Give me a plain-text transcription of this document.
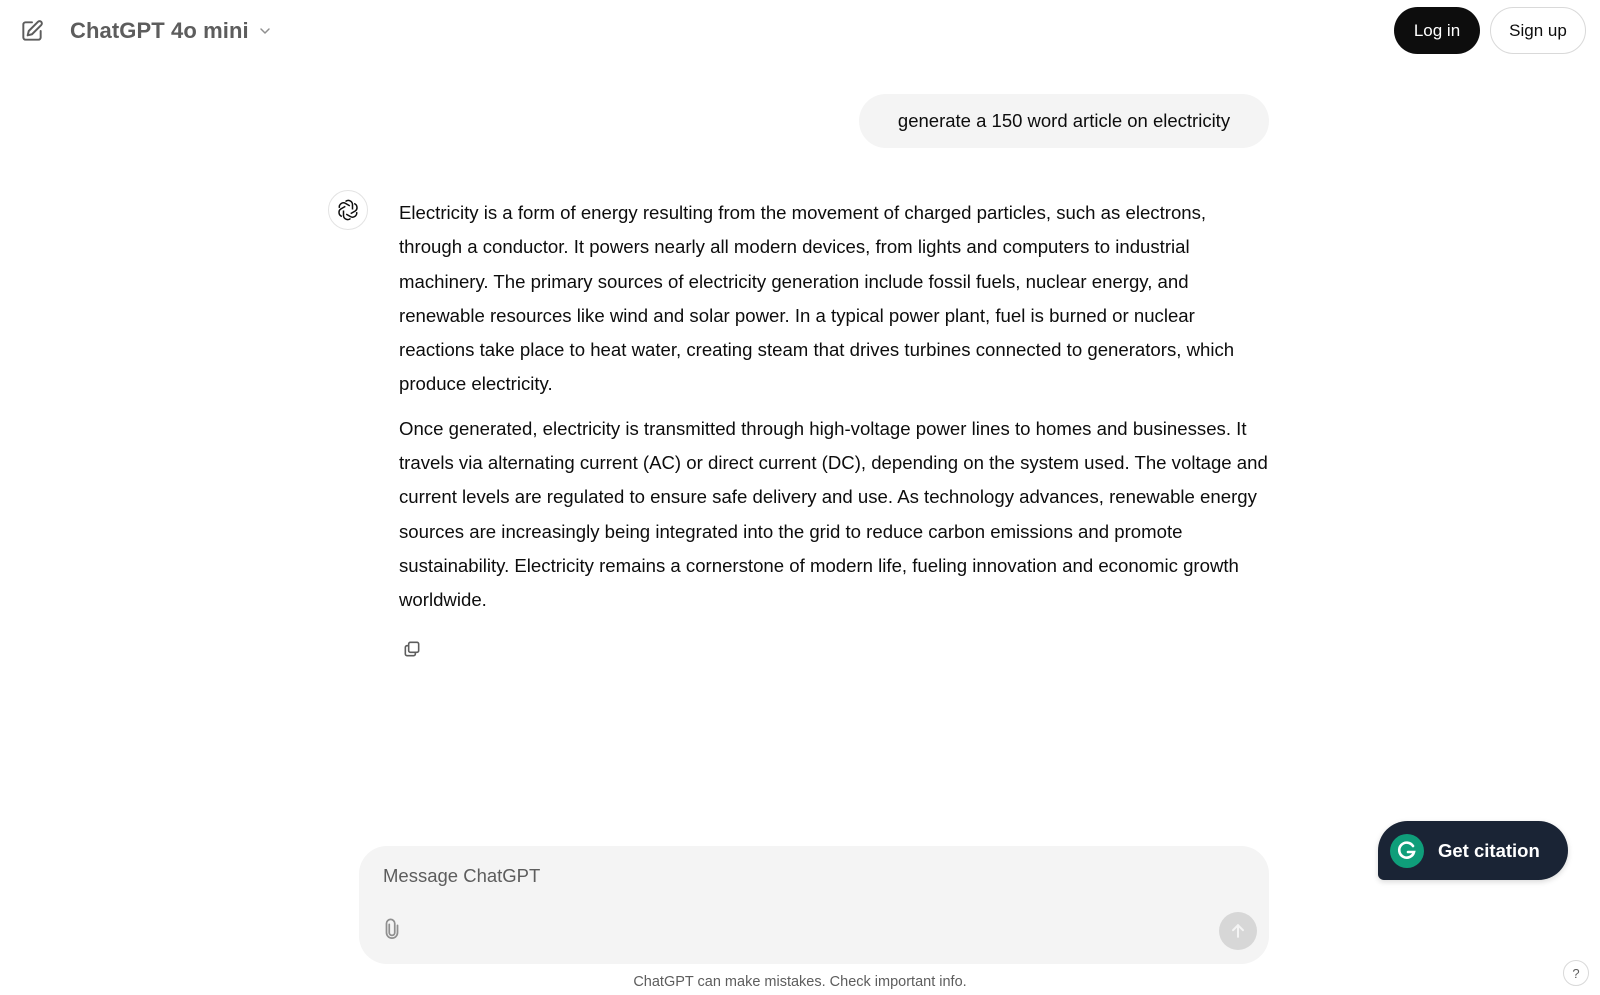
ChatGPT 4o mini	Log in	Sign up
generate a 150 word article on electricity

Electricity is a form of energy resulting from the movement of charged particles, such as electrons, through a conductor. It powers nearly all modern devices, from lights and computers to industrial machinery. The primary sources of electricity generation include fossil fuels, nuclear energy, and renewable resources like wind and solar power. In a typical power plant, fuel is burned or nuclear reactions take place to heat water, creating steam that drives turbines connected to generators, which produce electricity.

Once generated, electricity is transmitted through high-voltage power lines to homes and businesses. It travels via alternating current (AC) or direct current (DC), depending on the system used. The voltage and current levels are regulated to ensure safe delivery and use. As technology advances, renewable energy sources are increasingly being integrated into the grid to reduce carbon emissions and promote sustainability. Electricity remains a cornerstone of modern life, fueling innovation and economic growth worldwide.

Message ChatGPT
ChatGPT can make mistakes. Check important info.
Get citation
?
